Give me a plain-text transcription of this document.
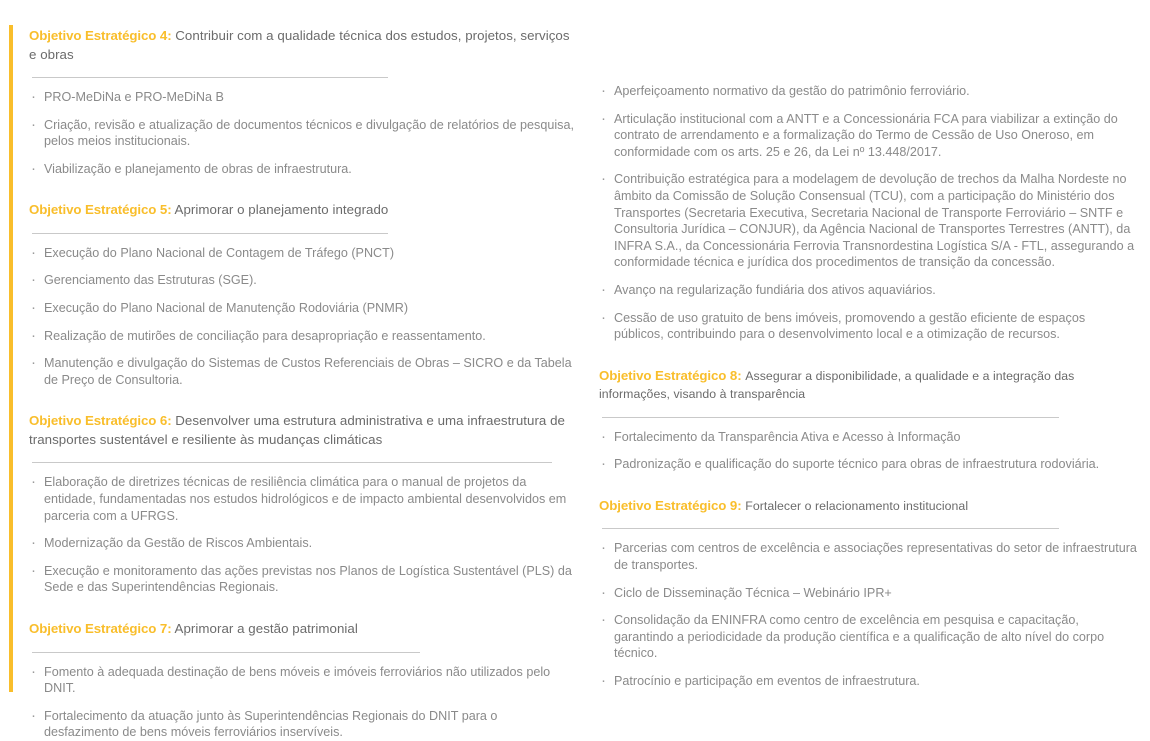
Objetivo Estratégico 4: Contribuir com a qualidade técnica dos estudos, projetos, serviços e obras

· PRO-MeDiNa e PRO-MeDiNa B
· Criação, revisão e atualização de documentos técnicos e divulgação de relatórios de pesquisa, pelos meios institucionais.
· Viabilização e planejamento de obras de infraestrutura.

Objetivo Estratégico 5: Aprimorar o planejamento integrado

· Execução do Plano Nacional de Contagem de Tráfego (PNCT)
· Gerenciamento das Estruturas (SGE).
· Execução do Plano Nacional de Manutenção Rodoviária (PNMR)
· Realização de mutirões de conciliação para desapropriação e reassentamento.
· Manutenção e divulgação do Sistemas de Custos Referenciais de Obras – SICRO e da Tabela de Preço de Consultoria.

Objetivo Estratégico 6: Desenvolver uma estrutura administrativa e uma infraestrutura de transportes sustentável e resiliente às mudanças climáticas

· Elaboração de diretrizes técnicas de resiliência climática para o manual de projetos da entidade, fundamentadas nos estudos hidrológicos e de impacto ambiental desenvolvidos em parceria com a UFRGS.
· Modernização da Gestão de Riscos Ambientais.
· Execução e monitoramento das ações previstas nos Planos de Logística Sustentável (PLS) da Sede e das Superintendências Regionais.

Objetivo Estratégico 7: Aprimorar a gestão patrimonial

· Fomento à adequada destinação de bens móveis e imóveis ferroviários não utilizados pelo DNIT.
· Fortalecimento da atuação junto às Superintendências Regionais do DNIT para o desfazimento de bens móveis ferroviários inservíveis.
· Aperfeiçoamento normativo da gestão do patrimônio ferroviário.
· Articulação institucional com a ANTT e a Concessionária FCA para viabilizar a extinção do contrato de arrendamento e a formalização do Termo de Cessão de Uso Oneroso, em conformidade com os arts. 25 e 26, da Lei nº 13.448/2017.
· Contribuição estratégica para a modelagem de devolução de trechos da Malha Nordeste no âmbito da Comissão de Solução Consensual (TCU), com a participação do Ministério dos Transportes (Secretaria Executiva, Secretaria Nacional de Transporte Ferroviário – SNTF e Consultoria Jurídica – CONJUR), da Agência Nacional de Transportes Terrestres (ANTT), da INFRA S.A., da Concessionária Ferrovia Transnordestina Logística S/A - FTL, assegurando a conformidade técnica e jurídica dos procedimentos de transição da concessão.
· Avanço na regularização fundiária dos ativos aquaviários.
· Cessão de uso gratuito de bens imóveis, promovendo a gestão eficiente de espaços públicos, contribuindo para o desenvolvimento local e a otimização de recursos.

Objetivo Estratégico 8: Assegurar a disponibilidade, a qualidade e a integração das informações, visando à transparência

· Fortalecimento da Transparência Ativa e Acesso à Informação
· Padronização e qualificação do suporte técnico para obras de infraestrutura rodoviária.

Objetivo Estratégico 9: Fortalecer o relacionamento institucional

· Parcerias com centros de excelência e associações representativas do setor de infraestrutura de transportes.
· Ciclo de Disseminação Técnica – Webinário IPR+
· Consolidação da ENINFRA como centro de excelência em pesquisa e capacitação, garantindo a periodicidade da produção científica e a qualificação de alto nível do corpo técnico.
· Patrocínio e participação em eventos de infraestrutura.
